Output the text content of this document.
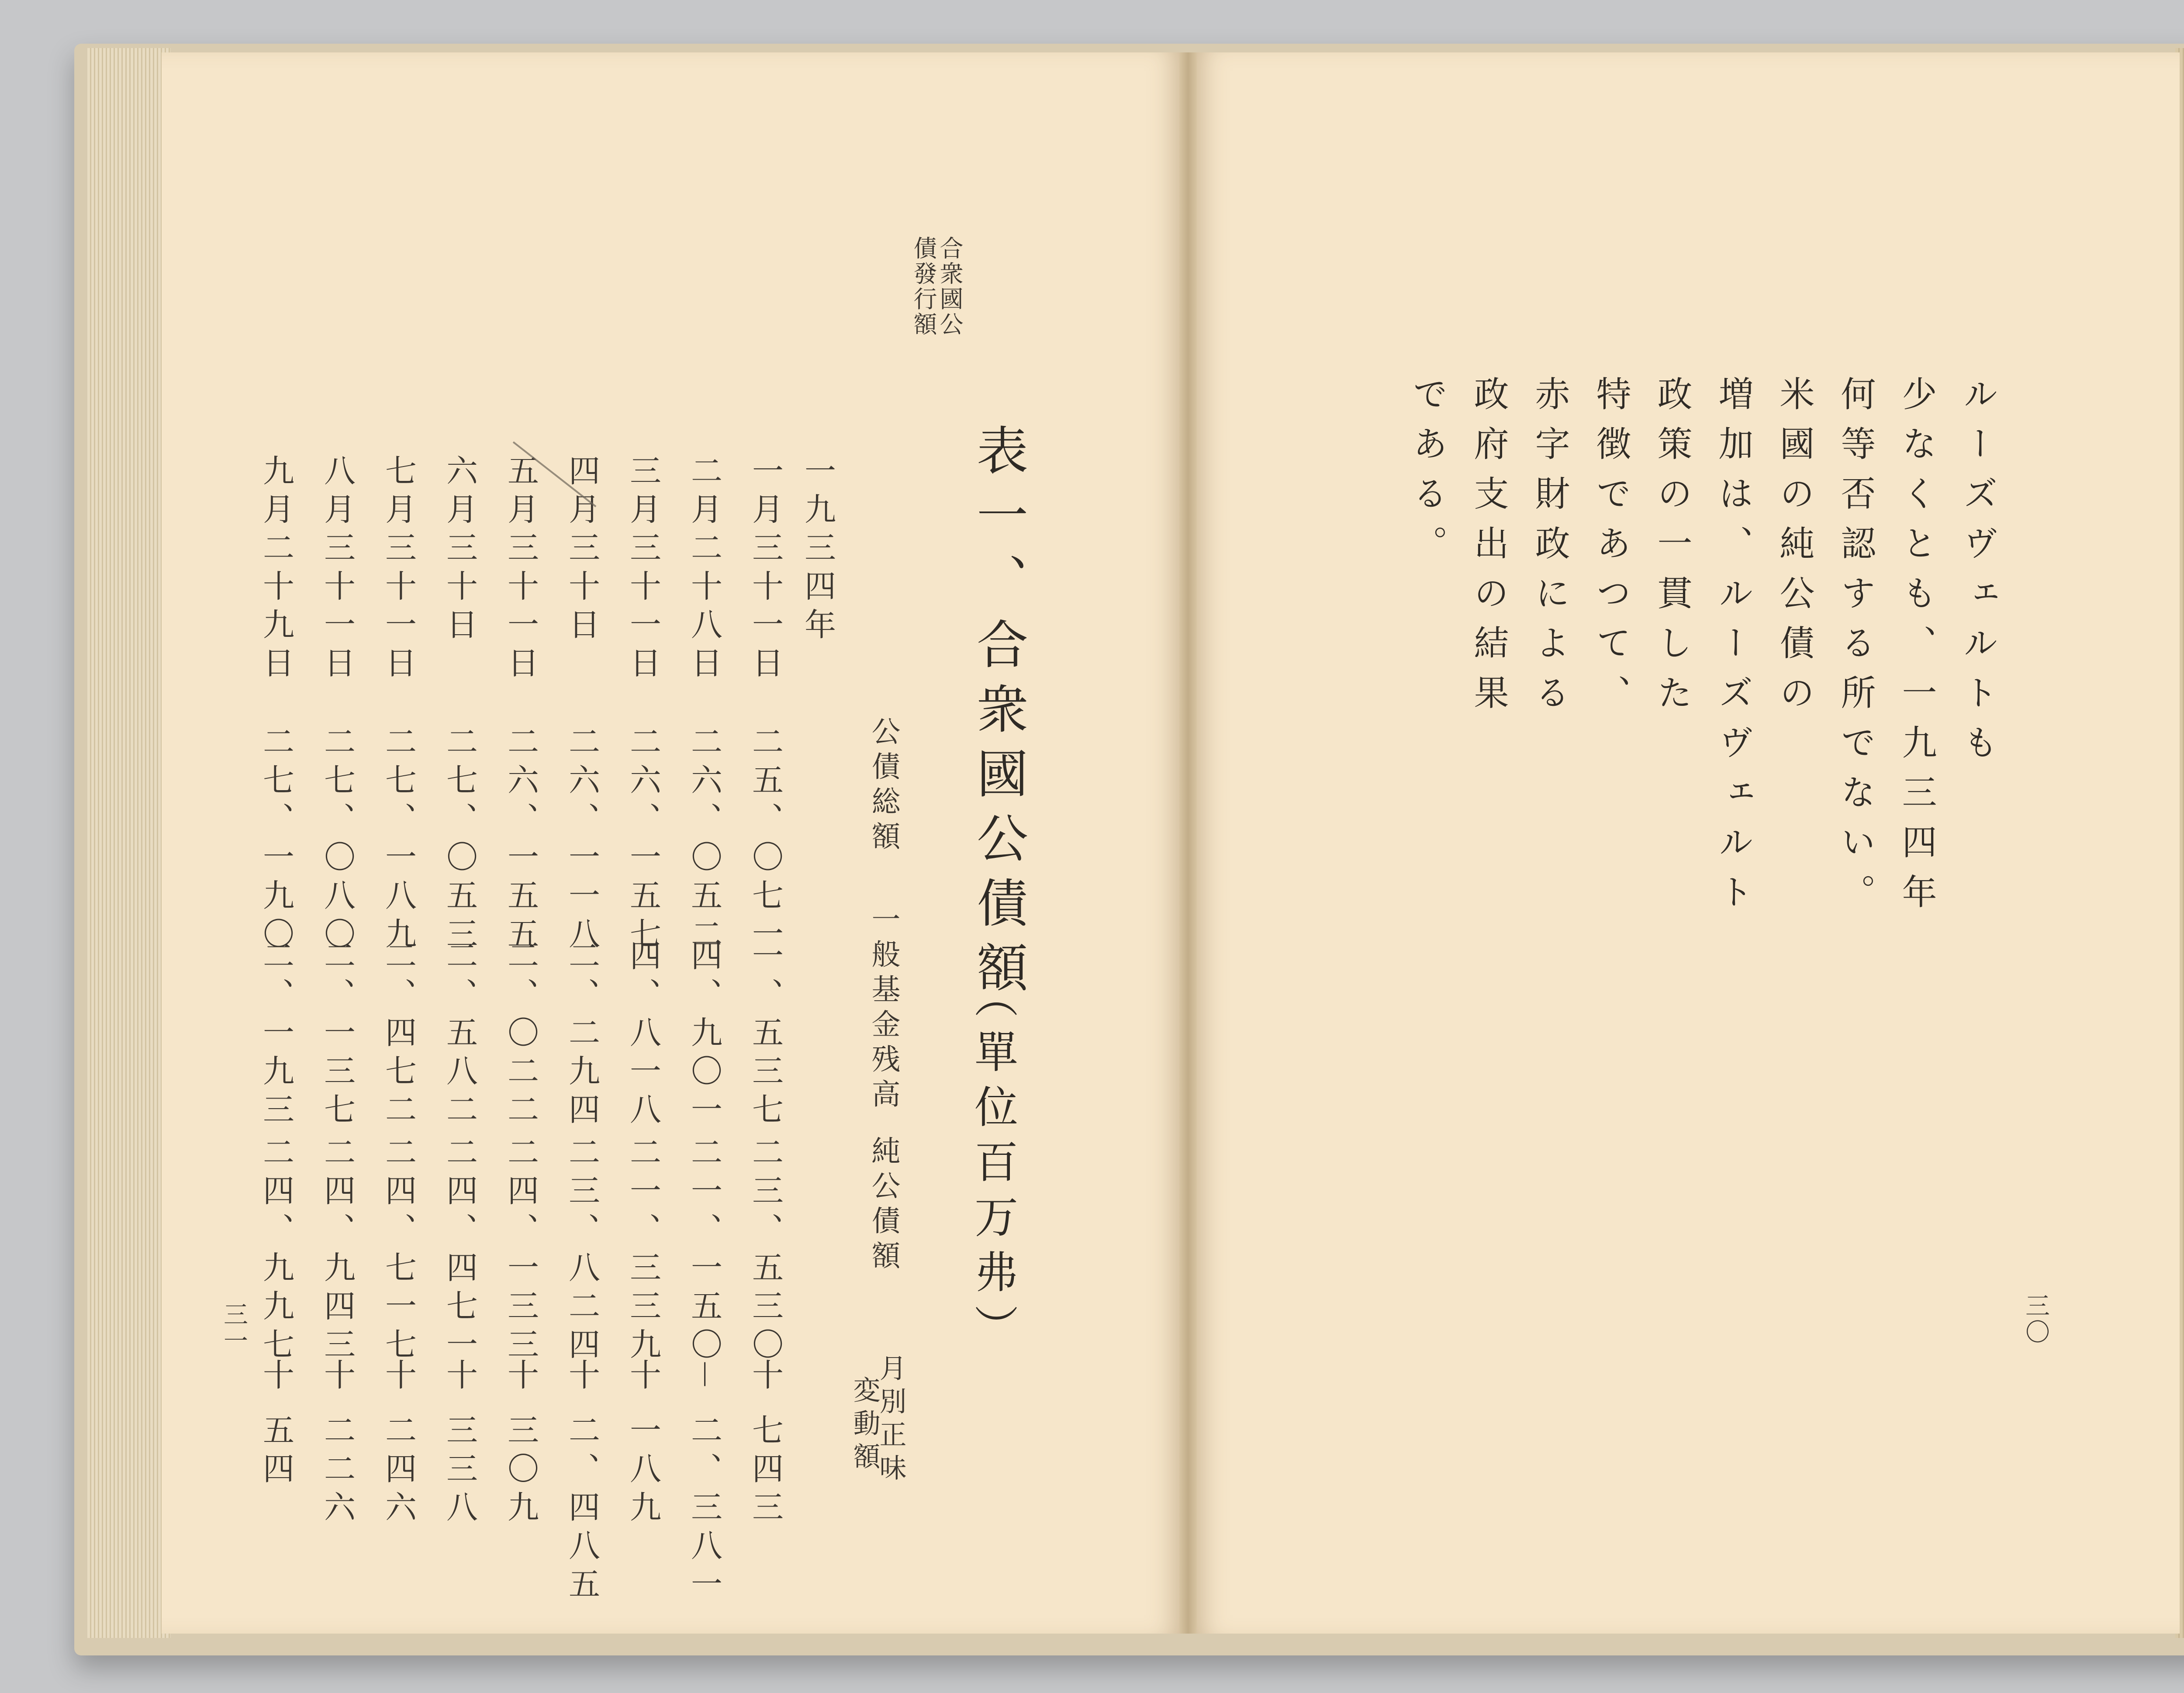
合衆國公
債發行額
表一、合衆國公債額
（單位百万弗）
公債総額
一般基金残高
純公債額
月別正味
変動額
一九三四年
一月三十一日
二五、〇七一
一、五三七
二三、五三〇
十 七四三
二月二十八日
二六、〇五二
四、九〇一
二一、一五〇
－ 二、三八一
三月三十一日
二六、一五七
四、八一八
二一、三三九
十 一八九
四月三十日
二六、一一八
二、二九四
二三、八二四
十 二、四八五
五月三十一日
二六、一五五
二、〇二二
二四、一三三
十 三〇九
六月三十日
二七、〇五三
二、五八二
二四、四七一
十 三三八
七月三十一日
二七、一八九
二、四七二
二四、七一七
十 二四六
八月三十一日
二七、〇八〇
二、一三七
二四、九四三
十 二二六
九月二十九日
二七、一九〇
二、一九三
二四、九九七
十 五四
三一	三〇
ルーズヴェルトも
少なくとも、一九三四年
何等否認する所でない。
米國の純公債の
増加は、ルーズヴェルト
政策の一貫した
特徴であつて、
赤字財政による
政府支出の結果
である。
